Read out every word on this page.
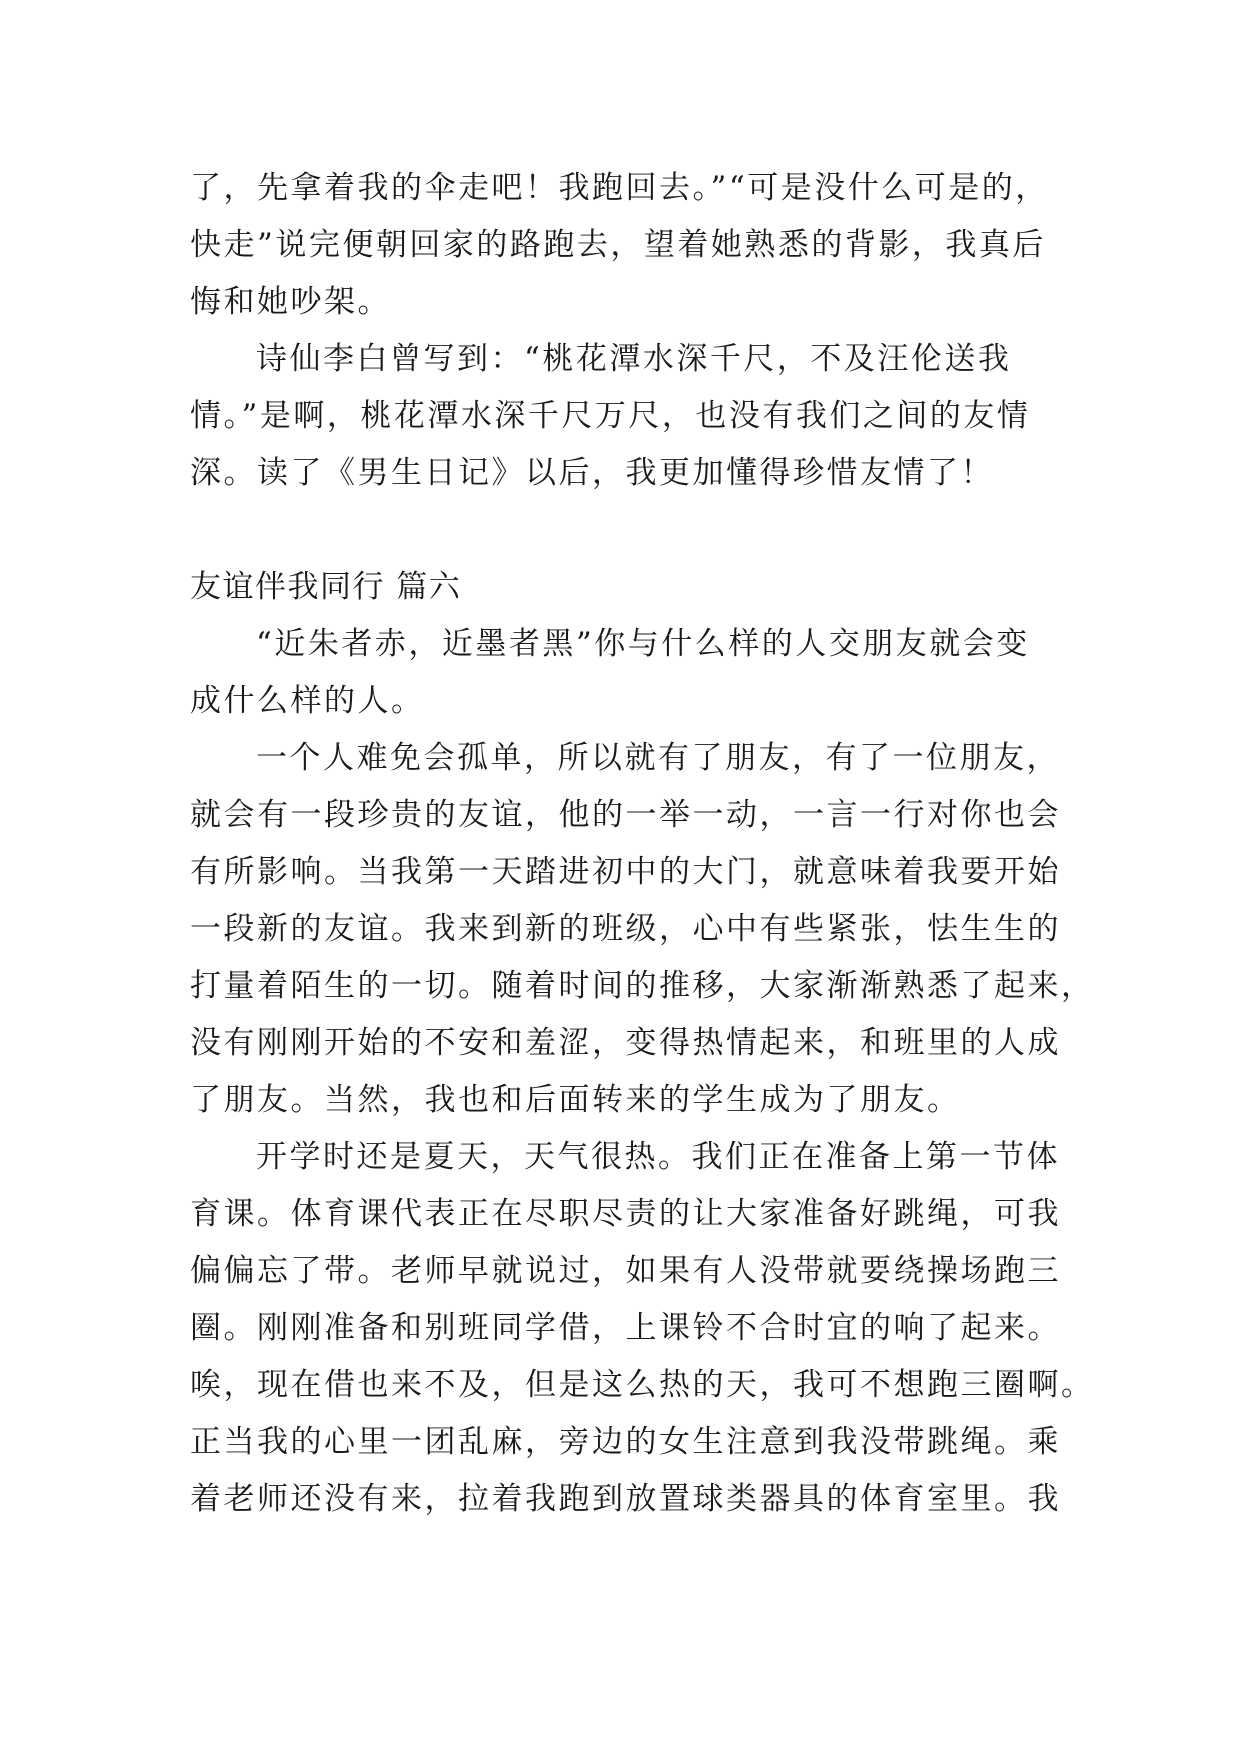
了，先拿着我的伞走吧！我跑回去。”“可是没什么可是的，
快走”说完便朝回家的路跑去，望着她熟悉的背影，我真后
悔和她吵架。
诗仙李白曾写到：“桃花潭水深千尺，不及汪伦送我
情。”是啊，桃花潭水深千尺万尺，也没有我们之间的友情
深。读了《男生日记》以后，我更加懂得珍惜友情了！
友谊伴我同行 篇六
“近朱者赤，近墨者黑”你与什么样的人交朋友就会变
成什么样的人。
一个人难免会孤单，所以就有了朋友，有了一位朋友，
就会有一段珍贵的友谊，他的一举一动，一言一行对你也会
有所影响。当我第一天踏进初中的大门，就意味着我要开始
一段新的友谊。我来到新的班级，心中有些紧张，怯生生的
打量着陌生的一切。随着时间的推移，大家渐渐熟悉了起来，
没有刚刚开始的不安和羞涩，变得热情起来，和班里的人成
了朋友。当然，我也和后面转来的学生成为了朋友。
开学时还是夏天，天气很热。我们正在准备上第一节体
育课。体育课代表正在尽职尽责的让大家准备好跳绳，可我
偏偏忘了带。老师早就说过，如果有人没带就要绕操场跑三
圈。刚刚准备和别班同学借，上课铃不合时宜的响了起来。
唉，现在借也来不及，但是这么热的天，我可不想跑三圈啊。
正当我的心里一团乱麻，旁边的女生注意到我没带跳绳。乘
着老师还没有来，拉着我跑到放置球类器具的体育室里。我
